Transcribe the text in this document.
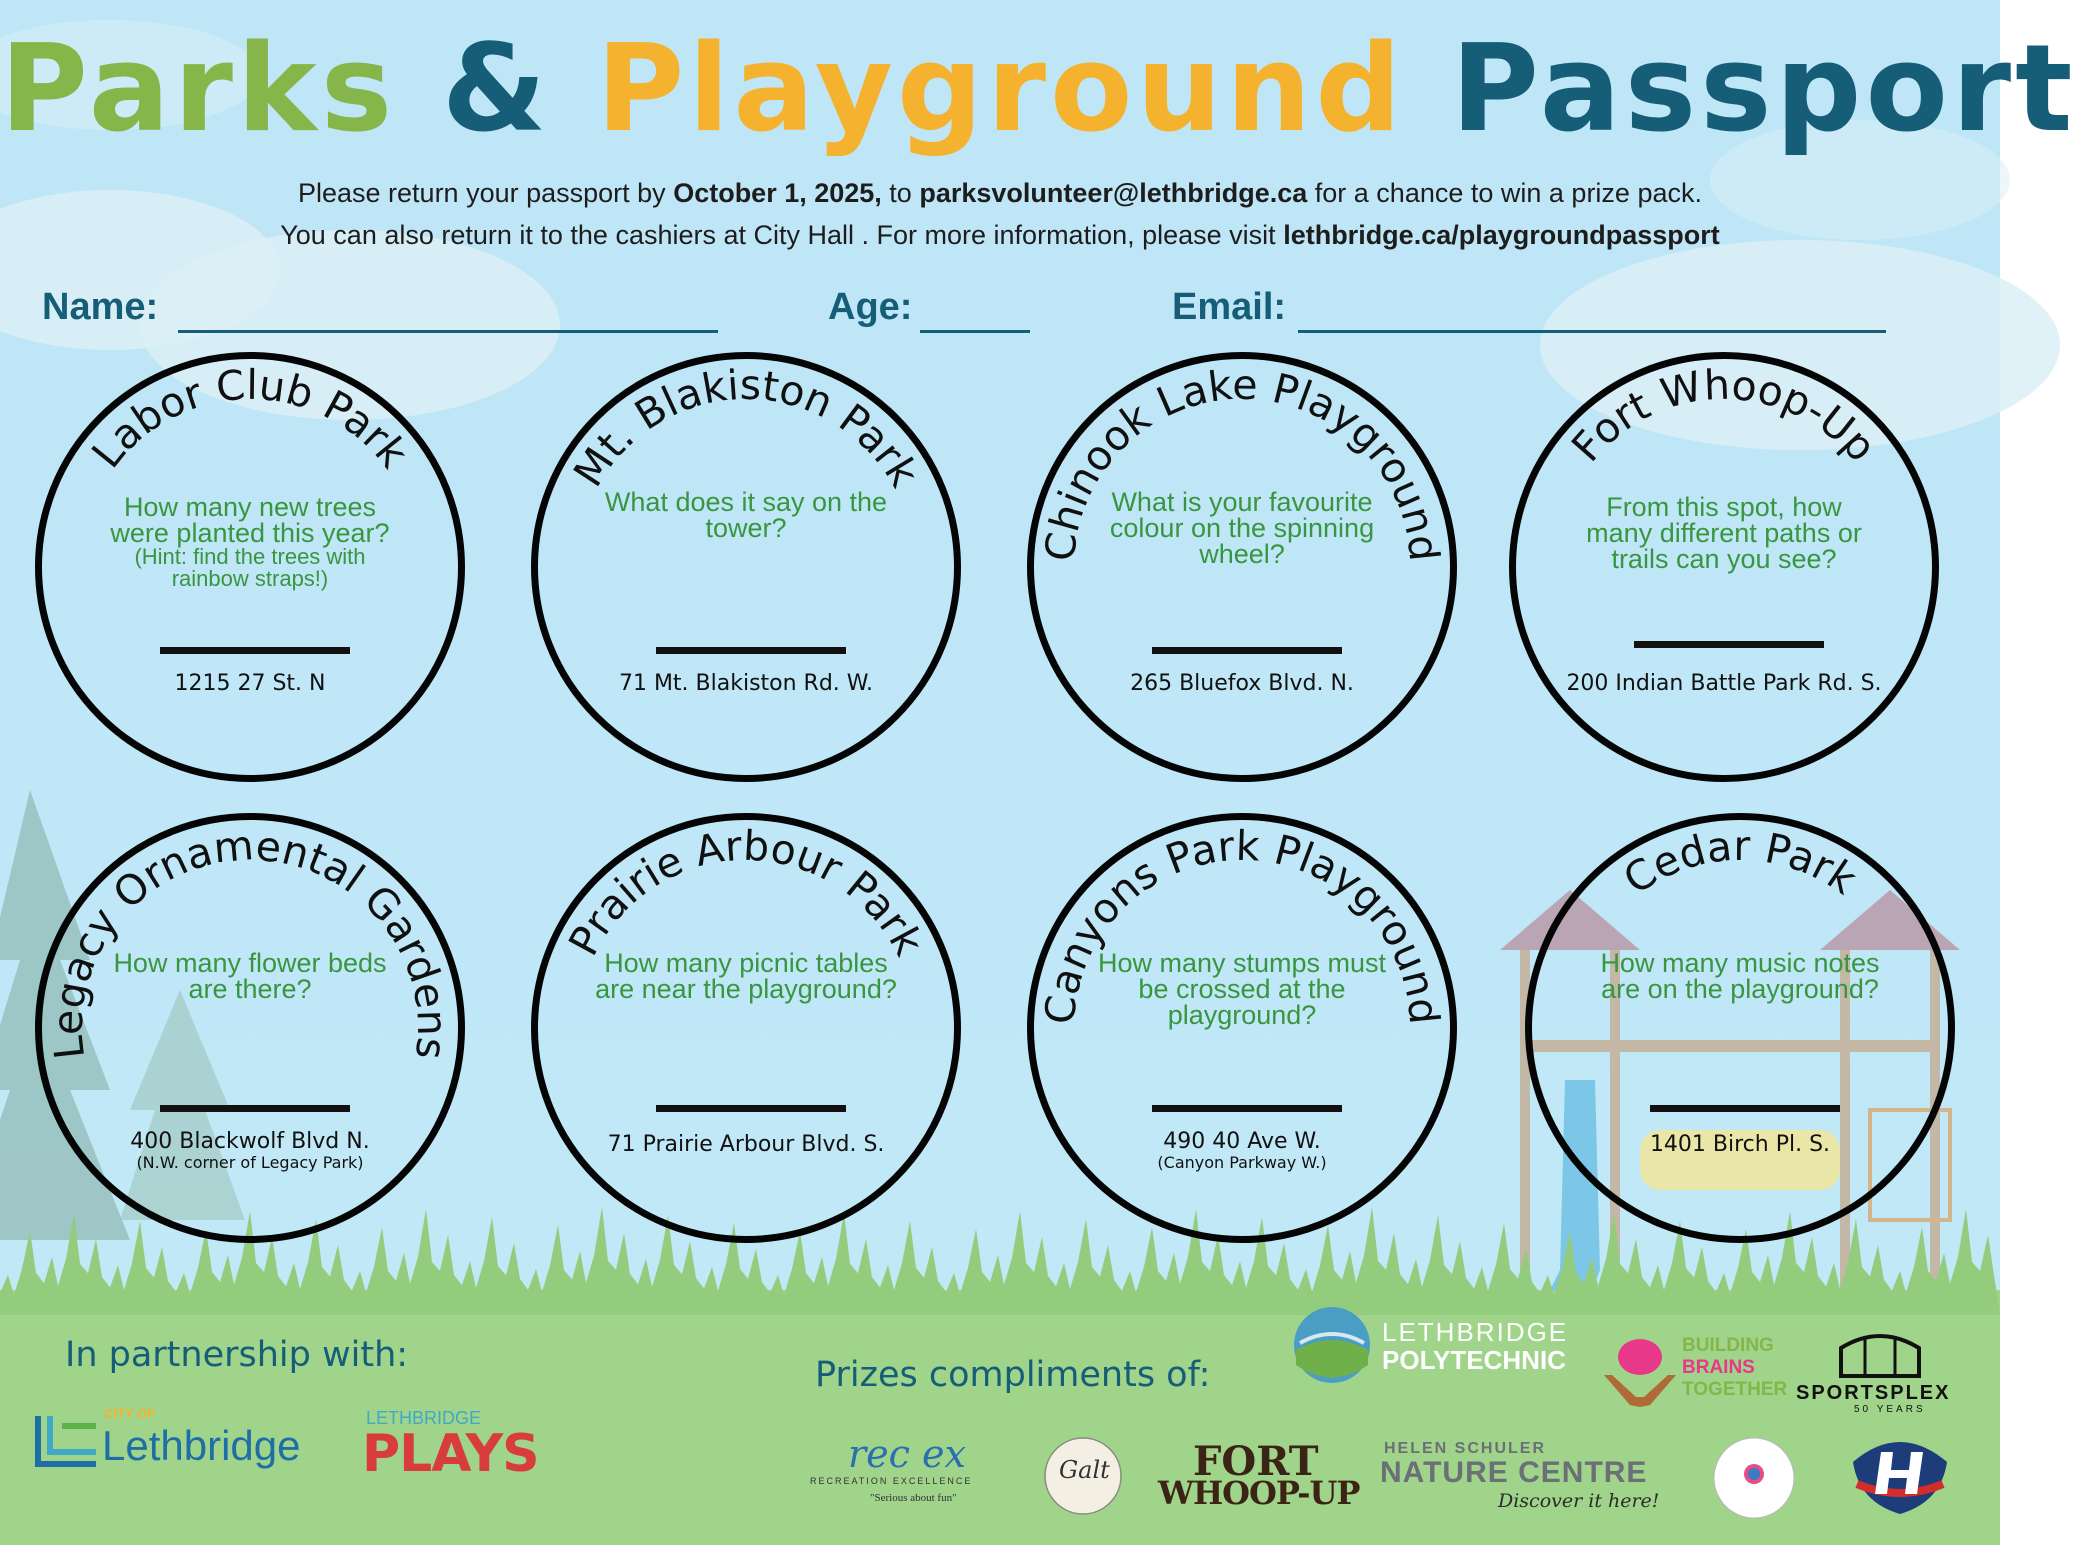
Parks & Playground Passport
Please return your passport by October 1, 2025, to parksvolunteer@lethbridge.ca for a chance to win a prize pack.
You can also return it to the cashiers at City Hall . For more information, please visit lethbridge.ca/playgroundpassport
Name:	Age:	Email:
Labor Club Park
How many new trees were planted this year?
(Hint: find the trees with rainbow straps!)
1215 27 St. N
Mt. Blakiston Park
What does it say on the tower?
71 Mt. Blakiston Rd. W.
Chinook Lake Playground
What is your favourite colour on the spinning wheel?
265 Bluefox Blvd. N.
Fort Whoop-Up
From this spot, how many different paths or trails can you see?
200 Indian Battle Park Rd. S.
Legacy Ornamental Gardens
How many flower beds are there?
400 Blackwolf Blvd N.
(N.W. corner of Legacy Park)
Prairie Arbour Park
How many picnic tables are near the playground?
71 Prairie Arbour Blvd. S.
Canyons Park Playground
How many stumps must be crossed at the playground?
490 40 Ave W.
(Canyon Parkway W.)
Cedar Park
How many music notes are on the playground?
1401 Birch Pl. S.
In partnership with:
CITY OF
Lethbridge
LETHBRIDGE
PLAYS
Prizes compliments of:
LETHBRIDGE
POLYTECHNIC	BUILDING
BRAINS
TOGETHER SPORTSPLEX
50 YEARS
rec ex
RECREATION EXCELLENCE
"Serious about fun"
Galt FORT
WHOOP-UP
HELEN SCHULER
NATURE CENTRE
Discover it here!
